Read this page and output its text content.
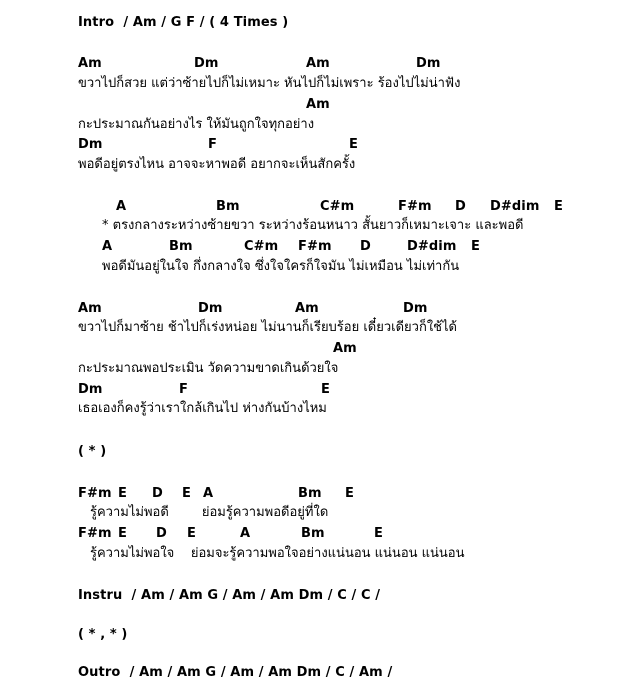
Intro  / Am / G F / ( 4 Times )
Am	Dm	Am	Dm
ขวาไปก็สวย แต่ว่าซ้ายไปก็ไม่เหมาะ หันไปก็ไม่เพราะ ร้องไปไม่น่าฟัง
Am
กะประมาณกันอย่างไร ให้มันถูกใจทุกอย่าง
Dm	F	E
พอดีอยู่ตรงไหน อาจจะหาพอดี อยากจะเห็นสักครั้ง
A	Bm	C#m	F#m D D#dim E
* ตรงกลางระหว่างซ้ายขวา ระหว่างร้อนหนาว สั้นยาวก็เหมาะเจาะ และพอดี
A	Bm	C#m F#m D	D#dim E
พอดีมันอยู่ในใจ กึ่งกลางใจ ซึ่งใจใครก็ใจมัน ไม่เหมือน ไม่เท่ากัน
Am	Dm	Am	Dm
ขวาไปก็มาซ้าย ช้าไปก็เร่งหน่อย ไม่นานก็เรียบร้อย เดี๋ยวเดียวก็ใช้ได้
Am
กะประมาณพอประเมิน วัดความขาดเกินด้วยใจ
Dm	F	E
เธอเองก็คงรู้ว่าเราใกล้เกินไป ห่างกันบ้างไหม
( * )
F#m E D E A	Bm E
รู้ความไม่พอดี        ย่อมรู้ความพอดีอยู่ที่ใด
F#m E D E	A	Bm	E
รู้ความไม่พอใจ    ย่อมจะรู้ความพอใจอย่างแน่นอน แน่นอน แน่นอน
Instru  / Am / Am G / Am / Am Dm / C / C /
( * , * )
Outro  / Am / Am G / Am / Am Dm / C / Am /
